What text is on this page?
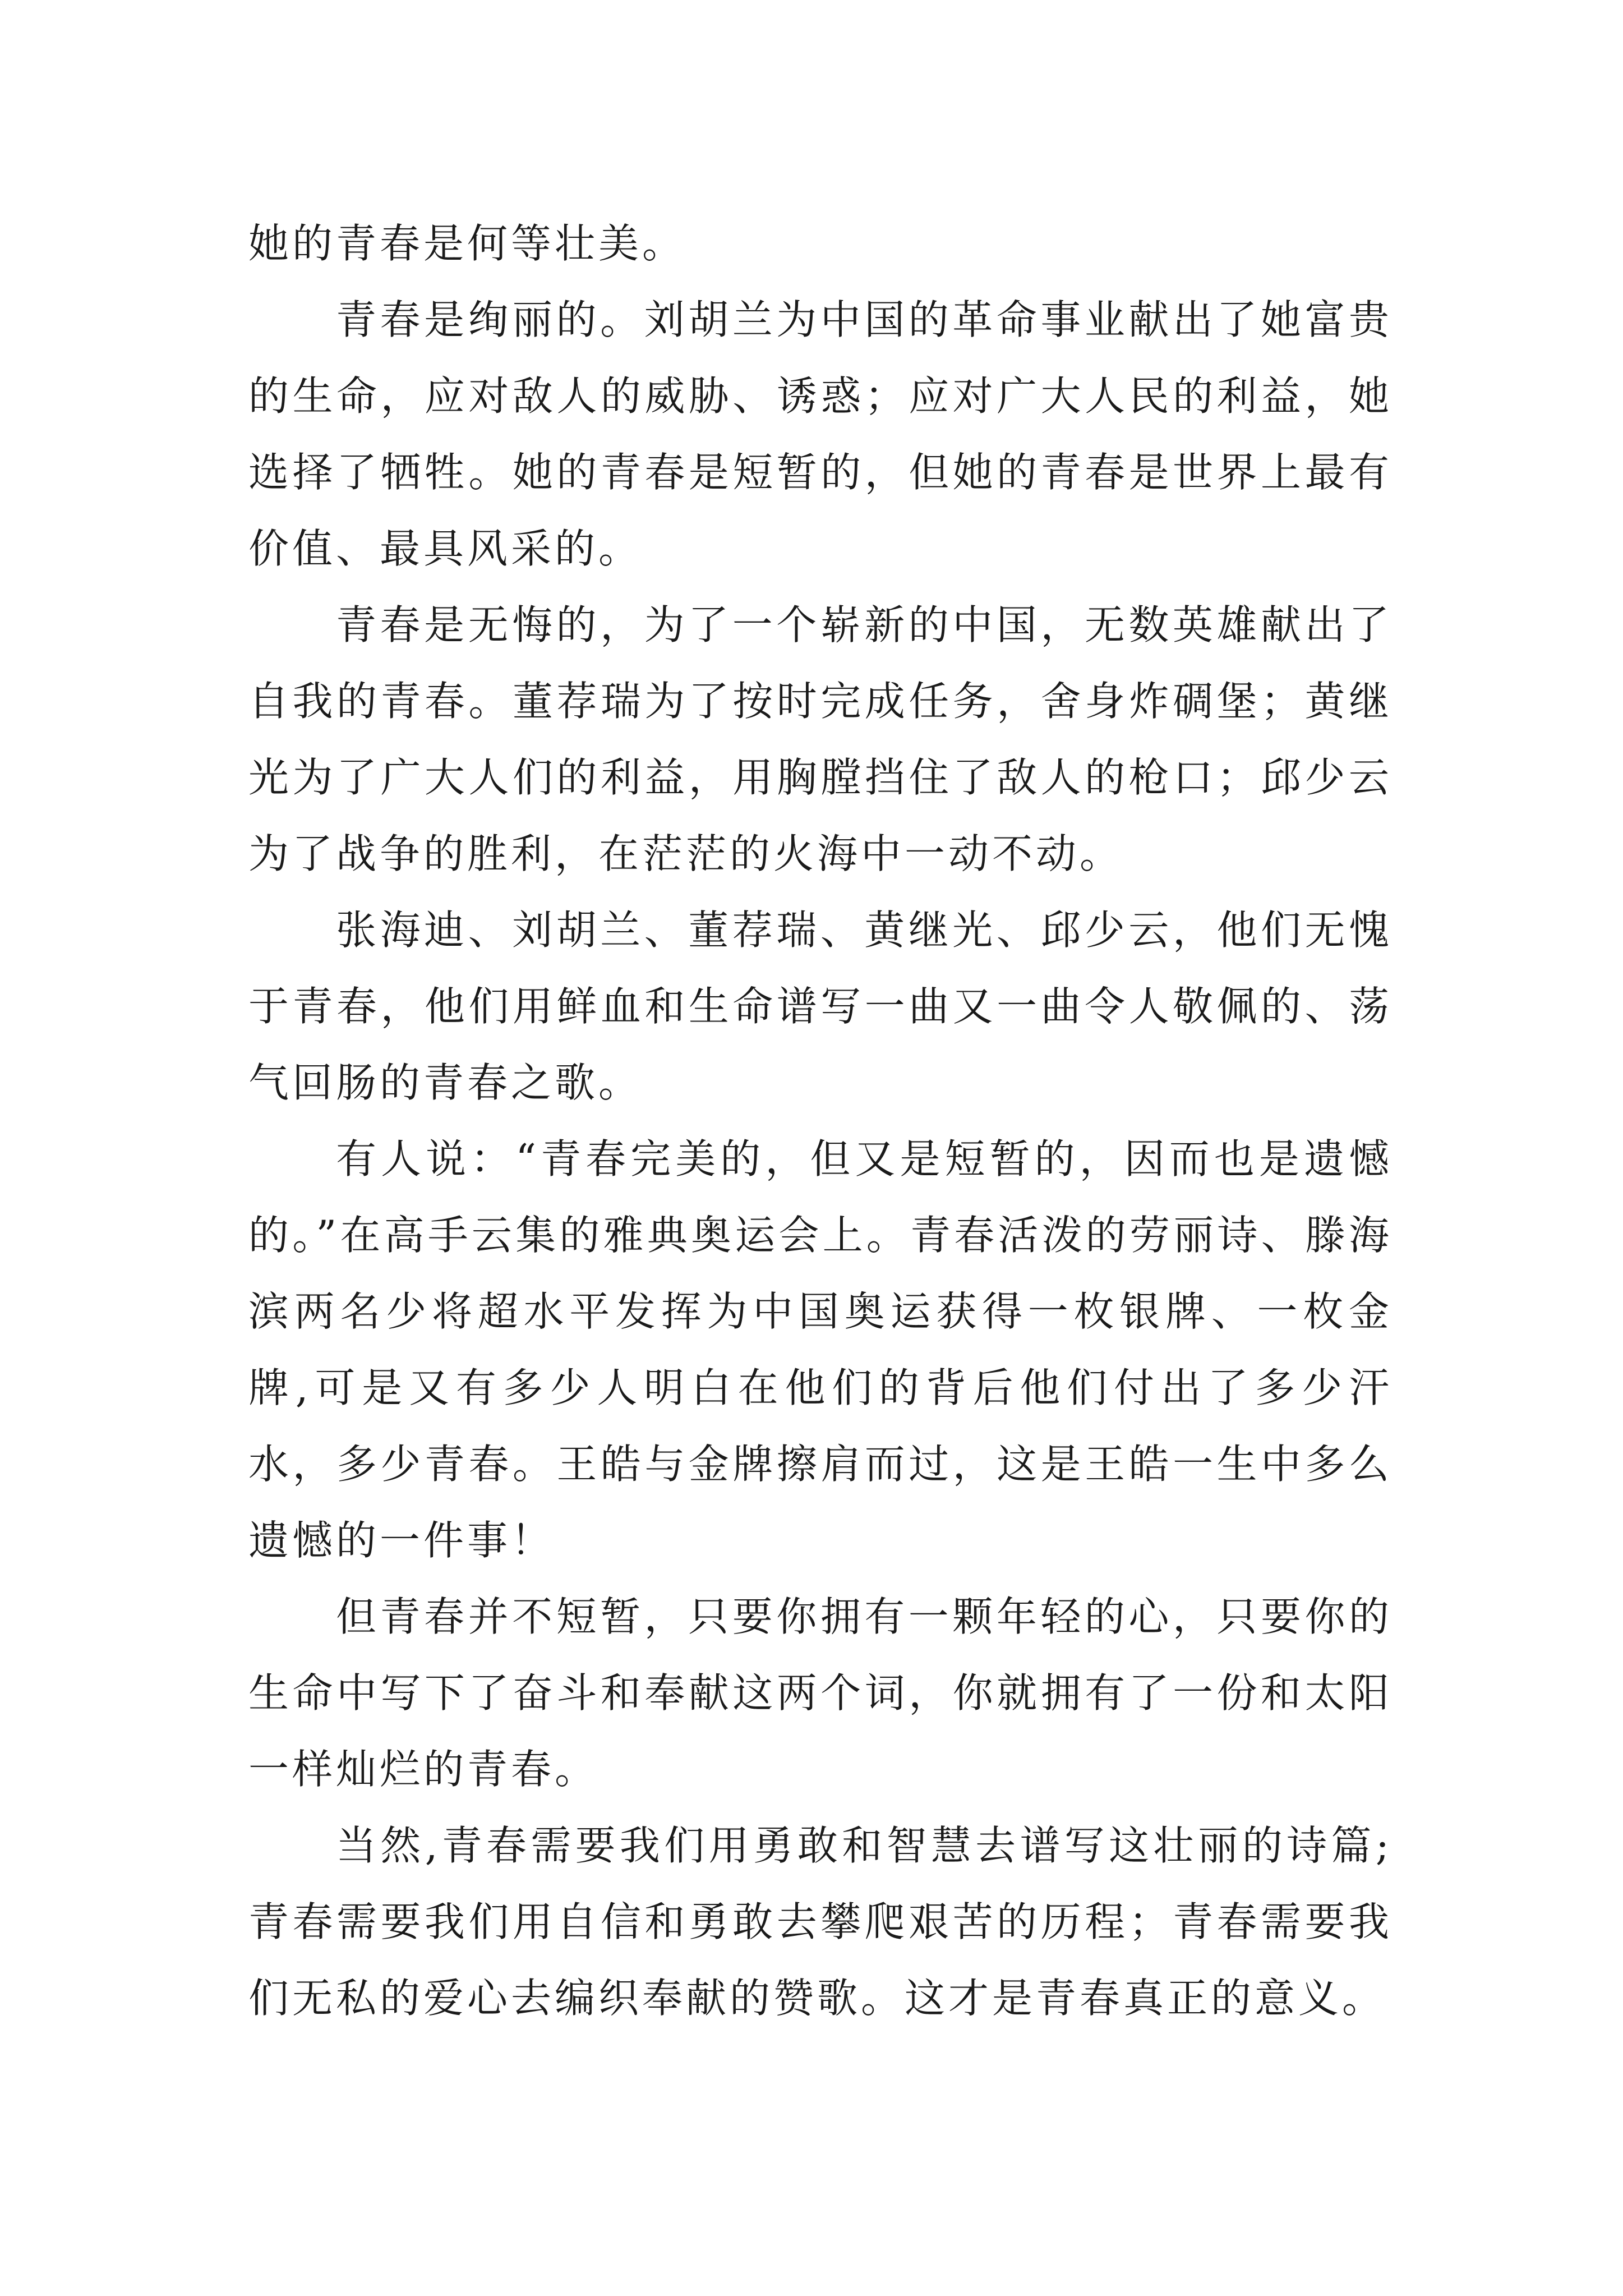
她的青春是何等壮美。

青春是绚丽的。刘胡兰为中国的革命事业献出了她富贵的生命，应对敌人的威胁、诱惑；应对广大人民的利益，她选择了牺牲。她的青春是短暂的，但她的青春是世界上最有价值、最具风采的。

青春是无悔的，为了一个崭新的中国，无数英雄献出了自我的青春。董荐瑞为了按时完成任务，舍身炸碉堡；黄继光为了广大人们的利益，用胸膛挡住了敌人的枪口；邱少云为了战争的胜利，在茫茫的火海中一动不动。

张海迪、刘胡兰、董荐瑞、黄继光、邱少云，他们无愧于青春，他们用鲜血和生命谱写一曲又一曲令人敬佩的、荡气回肠的青春之歌。

有人说：“青春完美的，但又是短暂的，因而也是遗憾的。”在高手云集的雅典奥运会上。青春活泼的劳丽诗、滕海滨两名少将超水平发挥为中国奥运获得一枚银牌、一枚金牌,可是又有多少人明白在他们的背后他们付出了多少汗水，多少青春。王皓与金牌擦肩而过，这是王皓一生中多么遗憾的一件事！

但青春并不短暂，只要你拥有一颗年轻的心，只要你的生命中写下了奋斗和奉献这两个词，你就拥有了一份和太阳一样灿烂的青春。

当然,青春需要我们用勇敢和智慧去谱写这壮丽的诗篇;青春需要我们用自信和勇敢去攀爬艰苦的历程；青春需要我们无私的爱心去编织奉献的赞歌。这才是青春真正的意义。
